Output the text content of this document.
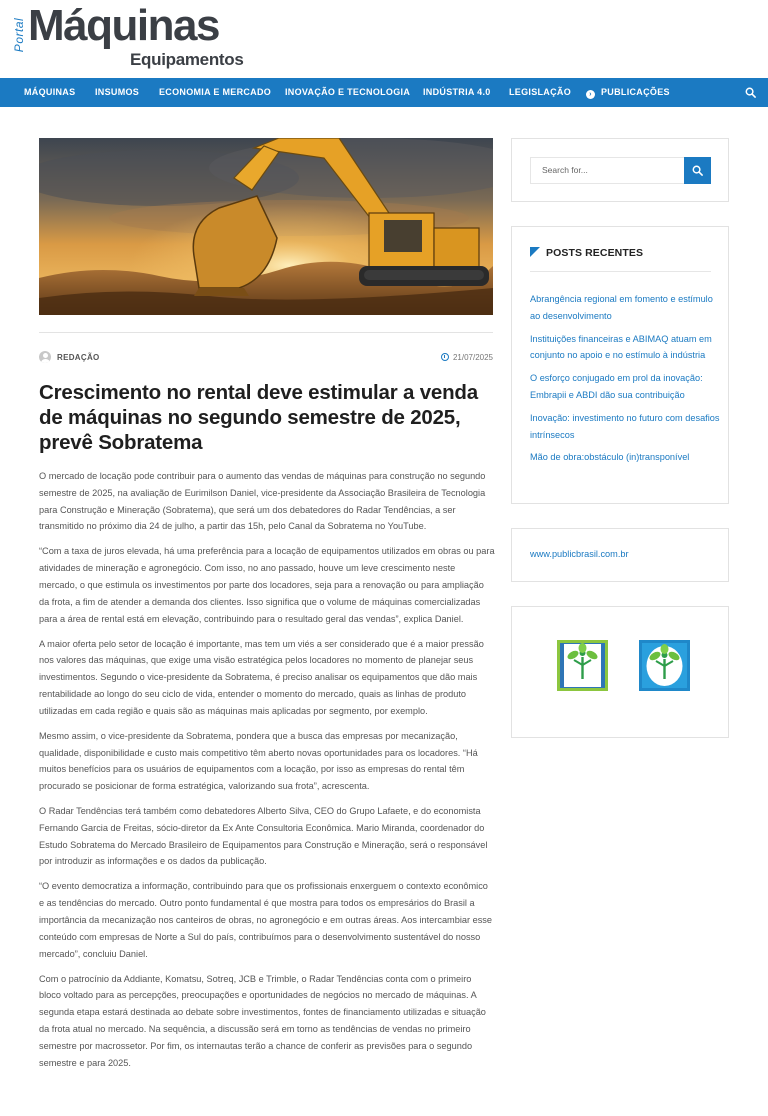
Portal Máquinas
Equipamentos
MÁQUINAS INSUMOS ECONOMIA E MERCADO INOVAÇÃO E TECNOLOGIA INDÚSTRIA 4.0 LEGISLAÇÃO	› PUBLICAÇÕES
REDAÇÃO	21/07/2025
Crescimento no rental deve estimular a venda de máquinas no segundo semestre de 2025, prevê Sobratema

O mercado de locação pode contribuir para o aumento das vendas de máquinas para construção no segundo semestre de 2025, na avaliação de Eurimilson Daniel, vice-presidente da Associação Brasileira de Tecnologia para Construção e Mineração (Sobratema), que será um dos debatedores do Radar Tendências, a ser transmitido no próximo dia 24 de julho, a partir das 15h, pelo Canal da Sobratema no YouTube.

“Com a taxa de juros elevada, há uma preferência para a locação de equipamentos utilizados em obras ou para atividades de mineração e agronegócio. Com isso, no ano passado, houve um leve crescimento neste mercado, o que estimula os investimentos por parte dos locadores, seja para a renovação ou para ampliação da frota, a fim de atender a demanda dos clientes. Isso significa que o volume de máquinas comercializadas para a área de rental está em elevação, contribuindo para o resultado geral das vendas”, explica Daniel.

A maior oferta pelo setor de locação é importante, mas tem um viés a ser considerado que é a maior pressão nos valores das máquinas, que exige uma visão estratégica pelos locadores no momento de planejar seus investimentos. Segundo o vice-presidente da Sobratema, é preciso analisar os equipamentos que dão mais rentabilidade ao longo do seu ciclo de vida, entender o momento do mercado, quais as linhas de produto utilizadas em cada região e quais são as máquinas mais aplicadas por segmento, por exemplo.

Mesmo assim, o vice-presidente da Sobratema, pondera que a busca das empresas por mecanização, qualidade, disponibilidade e custo mais competitivo têm aberto novas oportunidades para os locadores. “Há muitos benefícios para os usuários de equipamentos com a locação, por isso as empresas do rental têm procurado se posicionar de forma estratégica, valorizando sua frota”, acrescenta.

O Radar Tendências terá também como debatedores Alberto Silva, CEO do Grupo Lafaete, e do economista Fernando Garcia de Freitas, sócio-diretor da Ex Ante Consultoria Econômica. Mario Miranda, coordenador do Estudo Sobratema do Mercado Brasileiro de Equipamentos para Construção e Mineração, será o responsável por introduzir as informações e os dados da publicação.

“O evento democratiza a informação, contribuindo para que os profissionais enxerguem o contexto econômico e as tendências do mercado. Outro ponto fundamental é que mostra para todos os empresários do Brasil a importância da mecanização nos canteiros de obras, no agronegócio e em outras áreas. Aos intercambiar esse conteúdo com empresas de Norte a Sul do país, contribuímos para o desenvolvimento sustentável do nosso mercado”, concluiu Daniel.

Com o patrocínio da Addiante, Komatsu, Sotreq, JCB e Trimble, o Radar Tendências conta com o primeiro bloco voltado para as percepções, preocupações e oportunidades de negócios no mercado de máquinas. A segunda etapa estará destinada ao debate sobre investimentos, fontes de financiamento utilizadas e situação da frota atual no mercado. Na sequência, a discussão será em torno as tendências de vendas no primeiro semestre por macrossetor. Por fim, os internautas terão a chance de conferir as previsões para o segundo semestre e para 2025.

Search for...
POSTS RECENTES
Abrangência regional em fomento e estímulo ao desenvolvimento
Instituições financeiras e ABIMAQ atuam em conjunto no apoio e no estímulo à indústria
O esforço conjugado em prol da inovação: Embrapii e ABDI dão sua contribuição
Inovação: investimento no futuro com desafios intrínsecos
Mão de obra:obstáculo (in)transponível
www.publicbrasil.com.br
